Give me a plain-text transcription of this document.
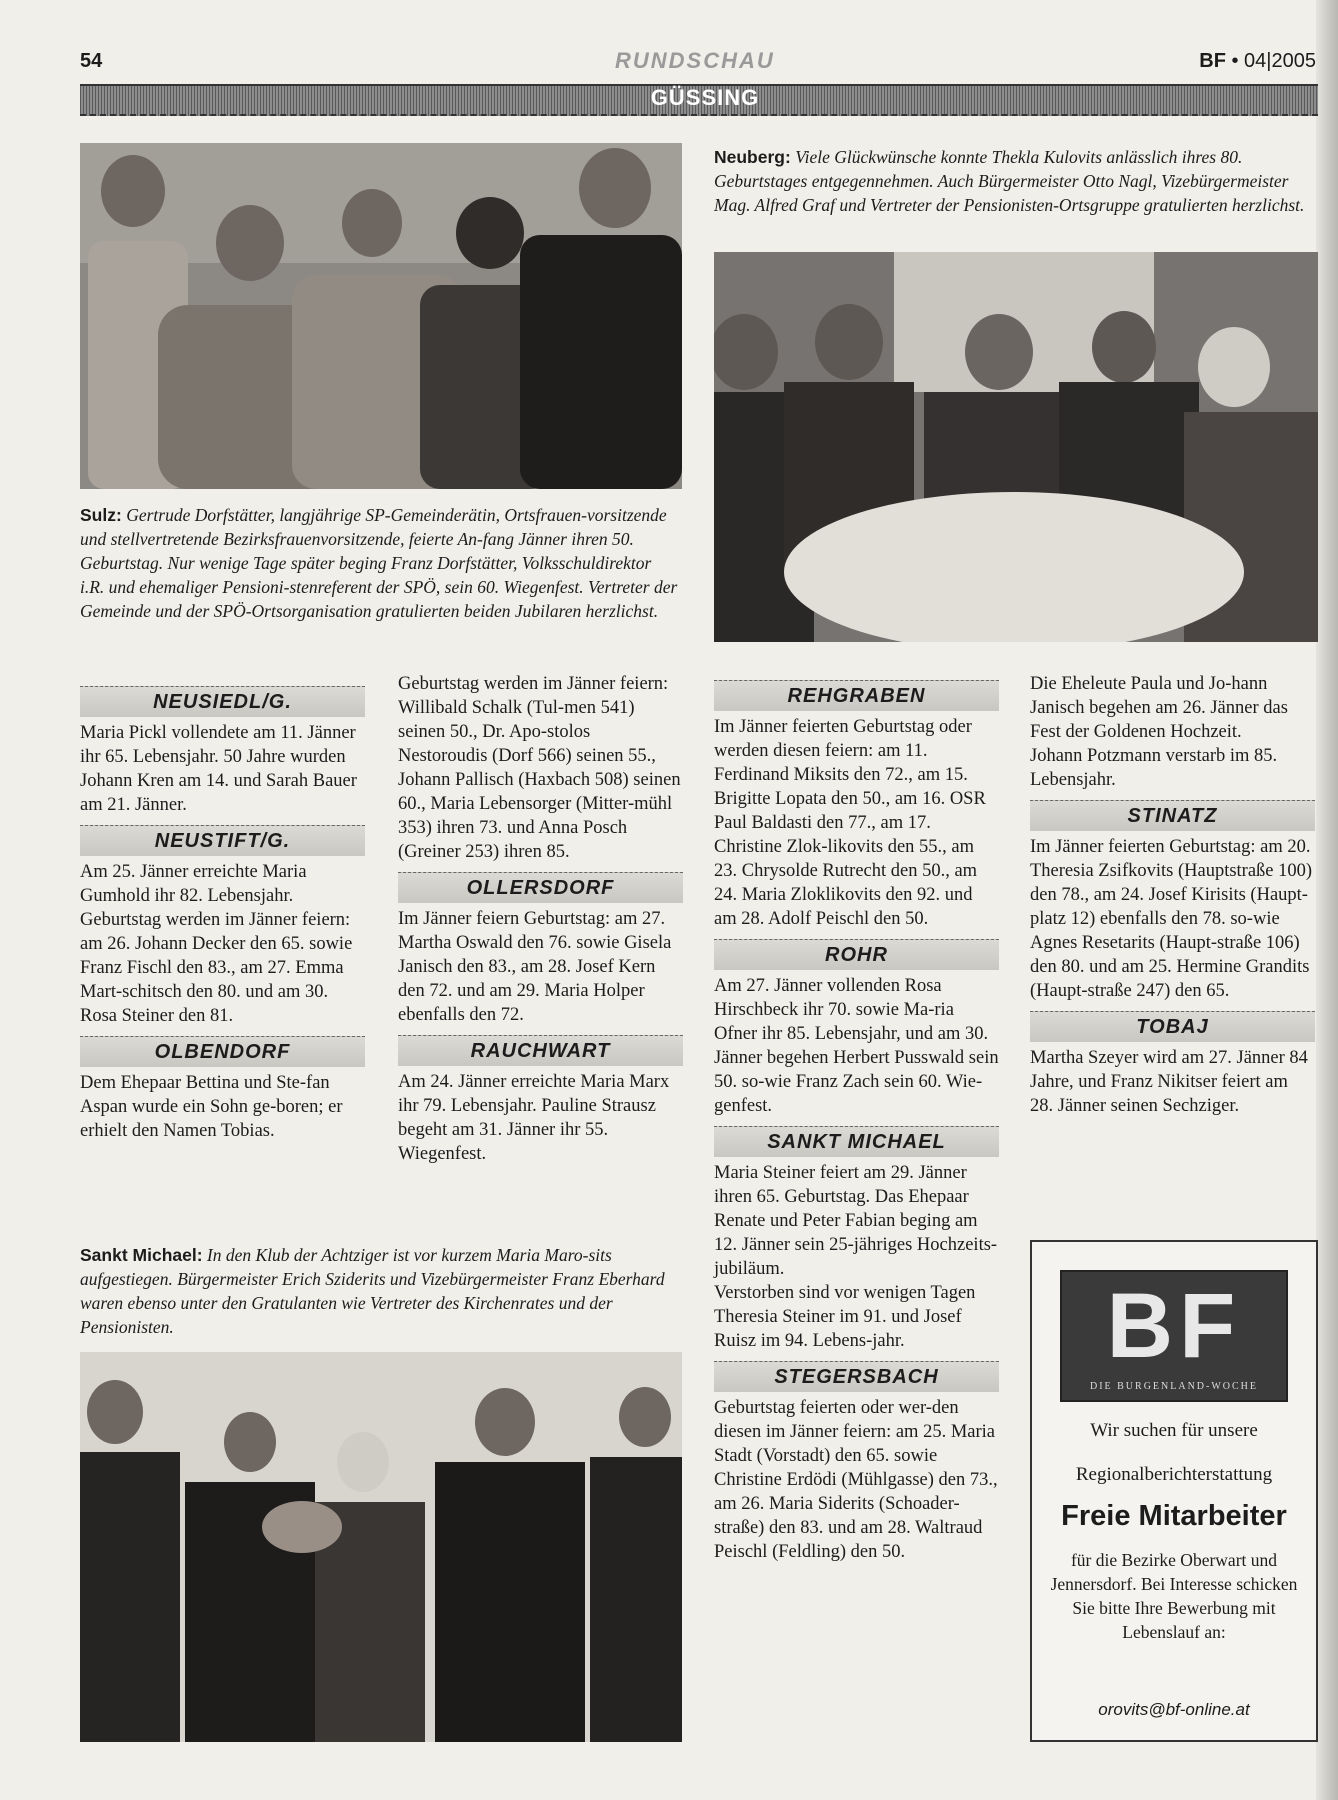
54	RUNDSCHAU	BF • 04|2005
GÜSSING
Sulz: Gertrude Dorfstätter, langjährige SP-Gemeinderätin, Ortsfrauen-vorsitzende und stellvertretende Bezirksfrauenvorsitzende, feierte An-fang Jänner ihren 50. Geburtstag. Nur wenige Tage später beging Franz Dorfstätter, Volksschuldirektor i.R. und ehemaliger Pensioni-stenreferent der SPÖ, sein 60. Wiegenfest. Vertreter der Gemeinde und der SPÖ-Ortsorganisation gratulierten beiden Jubilaren herzlichst.
Neuberg: Viele Glückwünsche konnte Thekla Kulovits anlässlich ihres 80. Geburtstages entgegennehmen. Auch Bürgermeister Otto Nagl, Vizebürgermeister Mag. Alfred Graf und Vertreter der Pensionisten-Ortsgruppe gratulierten herzlichst.
NEUSIEDL/G.

Maria Pickl vollendete am 11. Jänner ihr 65. Lebensjahr. 50 Jahre wurden Johann Kren am 14. und Sarah Bauer am 21. Jänner.

NEUSTIFT/G.

Am 25. Jänner erreichte Maria Gumhold ihr 82. Lebensjahr. Geburtstag werden im Jänner feiern: am 26. Johann Decker den 65. sowie Franz Fischl den 83., am 27. Emma Mart-schitsch den 80. und am 30. Rosa Steiner den 81.

OLBENDORF

Dem Ehepaar Bettina und Ste-fan Aspan wurde ein Sohn ge-boren; er erhielt den Namen Tobias.

Geburtstag werden im Jänner feiern: Willibald Schalk (Tul-men 541) seinen 50., Dr. Apo-stolos Nestoroudis (Dorf 566) seinen 55., Johann Pallisch (Haxbach 508) seinen 60., Maria Lebensorger (Mitter-mühl 353) ihren 73. und Anna Posch (Greiner 253) ihren 85.

OLLERSDORF

Im Jänner feiern Geburtstag: am 27. Martha Oswald den 76. sowie Gisela Janisch den 83., am 28. Josef Kern den 72. und am 29. Maria Holper ebenfalls den 72.

RAUCHWART

Am 24. Jänner erreichte Maria Marx ihr 79. Lebensjahr. Pauline Strausz begeht am 31. Jänner ihr 55. Wiegenfest.

REHGRABEN

Im Jänner feierten Geburtstag oder werden diesen feiern: am 11. Ferdinand Miksits den 72., am 15. Brigitte Lopata den 50., am 16. OSR Paul Baldasti den 77., am 17. Christine Zlok-likovits den 55., am 23. Chrysolde Rutrecht den 50., am 24. Maria Zloklikovits den 92. und am 28. Adolf Peischl den 50.

ROHR

Am 27. Jänner vollenden Rosa Hirschbeck ihr 70. sowie Ma-ria Ofner ihr 85. Lebensjahr, und am 30. Jänner begehen Herbert Pusswald sein 50. so-wie Franz Zach sein 60. Wie-genfest.

SANKT MICHAEL

Maria Steiner feiert am 29. Jänner ihren 65. Geburtstag. Das Ehepaar Renate und Peter Fabian beging am 12. Jänner sein 25-jähriges Hochzeits-jubiläum.

Verstorben sind vor wenigen Tagen Theresia Steiner im 91. und Josef Ruisz im 94. Lebens-jahr.

STEGERSBACH

Geburtstag feierten oder wer-den diesen im Jänner feiern: am 25. Maria Stadt (Vorstadt) den 65. sowie Christine Erdödi (Mühlgasse) den 73., am 26. Maria Siderits (Schoader-straße) den 83. und am 28. Waltraud Peischl (Feldling) den 50.

Die Eheleute Paula und Jo-hann Janisch begehen am 26. Jänner das Fest der Goldenen Hochzeit.

Johann Potzmann verstarb im 85. Lebensjahr.

STINATZ

Im Jänner feierten Geburtstag: am 20. Theresia Zsifkovits (Hauptstraße 100) den 78., am 24. Josef Kirisits (Haupt-platz 12) ebenfalls den 78. so-wie Agnes Resetarits (Haupt-straße 106) den 80. und am 25. Hermine Grandits (Haupt-straße 247) den 65.

TOBAJ

Martha Szeyer wird am 27. Jänner 84 Jahre, und Franz Nikitser feiert am 28. Jänner seinen Sechziger.

Sankt Michael: In den Klub der Achtziger ist vor kurzem Maria Maro-sits aufgestiegen. Bürgermeister Erich Sziderits und Vizebürgermeister Franz Eberhard waren ebenso unter den Gratulanten wie Vertreter des Kirchenrates und der Pensionisten.	BF
DIE BURGENLAND-WOCHE
Wir suchen für unsere
Regionalberichterstattung
Freie Mitarbeiter
für die Bezirke Oberwart und Jennersdorf. Bei Interesse schicken Sie bitte Ihre Bewerbung mit Lebenslauf an:
orovits@bf-online.at
